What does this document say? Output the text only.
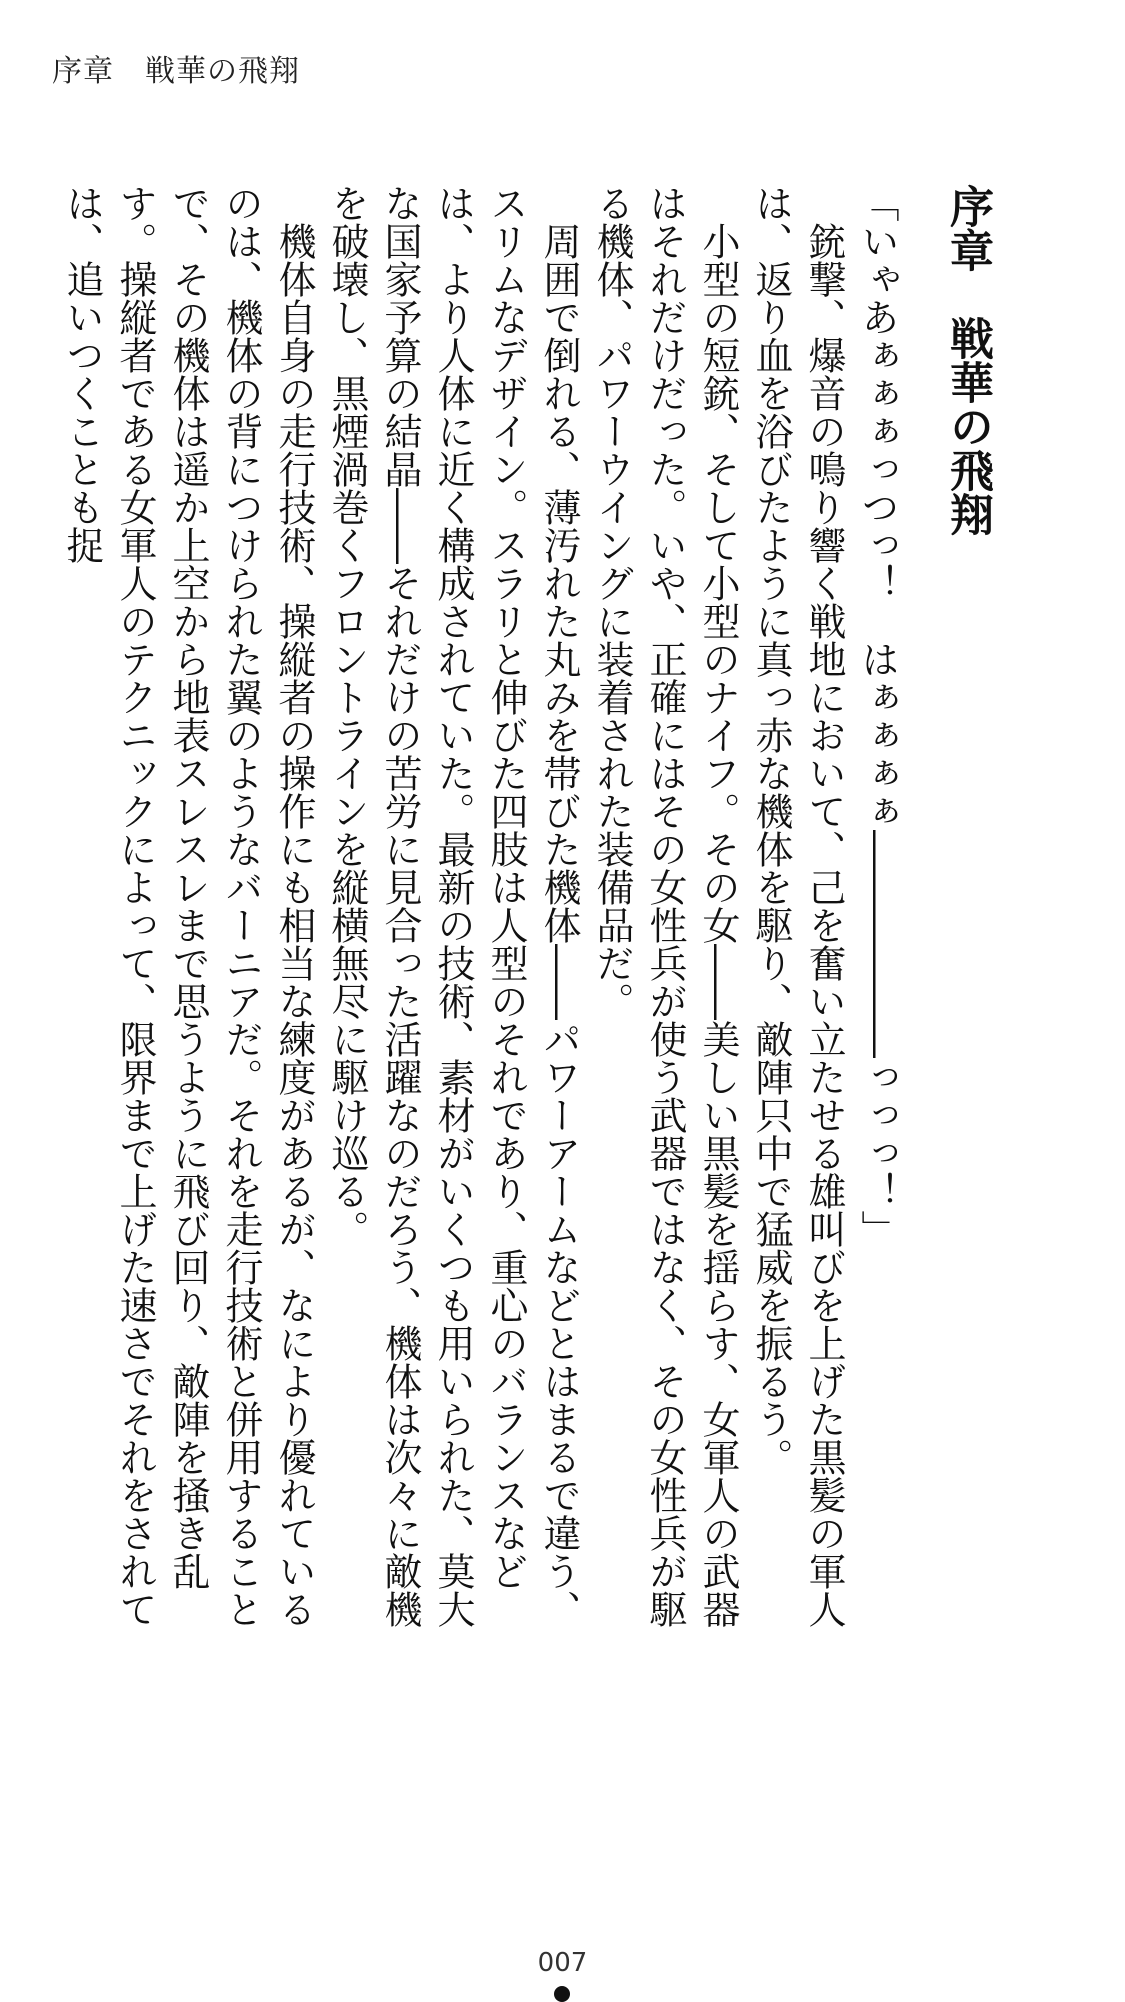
序章　戦華の飛翔
序章　戦華の飛翔

「いゃあぁぁぁっつっ！　はぁぁぁぁ――――――っっっ！」

銃撃、爆音の鳴り響く戦地において、己を奮い立たせる雄叫びを上げた黒髪の軍人は、返り血を浴びたように真っ赤な機体を駆り、敵陣只中で猛威を振るう。

小型の短銃、そして小型のナイフ。その女――美しい黒髪を揺らす、女軍人の武器はそれだけだった。いや、正確にはその女性兵が使う武器ではなく、その女性兵が駆る機体、パワーウイングに装着された装備品だ。

周囲で倒れる、薄汚れた丸みを帯びた機体――パワーアームなどとはまるで違う、スリムなデザイン。スラリと伸びた四肢は人型のそれであり、重心のバランスなどは、より人体に近く構成されていた。最新の技術、素材がいくつも用いられた、莫大な国家予算の結晶――それだけの苦労に見合った活躍なのだろう、機体は次々に敵機を破壊し、黒煙渦巻くフロントラインを縦横無尽に駆け巡る。

機体自身の走行技術、操縦者の操作にも相当な練度があるが、なにより優れているのは、機体の背につけられた翼のようなバーニアだ。それを走行技術と併用することで、その機体は遥か上空から地表スレスレまで思うように飛び回り、敵陣を掻き乱す。操縦者である女軍人のテクニックによって、限界まで上げた速さでそれをされては、追いつくことも捉

007
